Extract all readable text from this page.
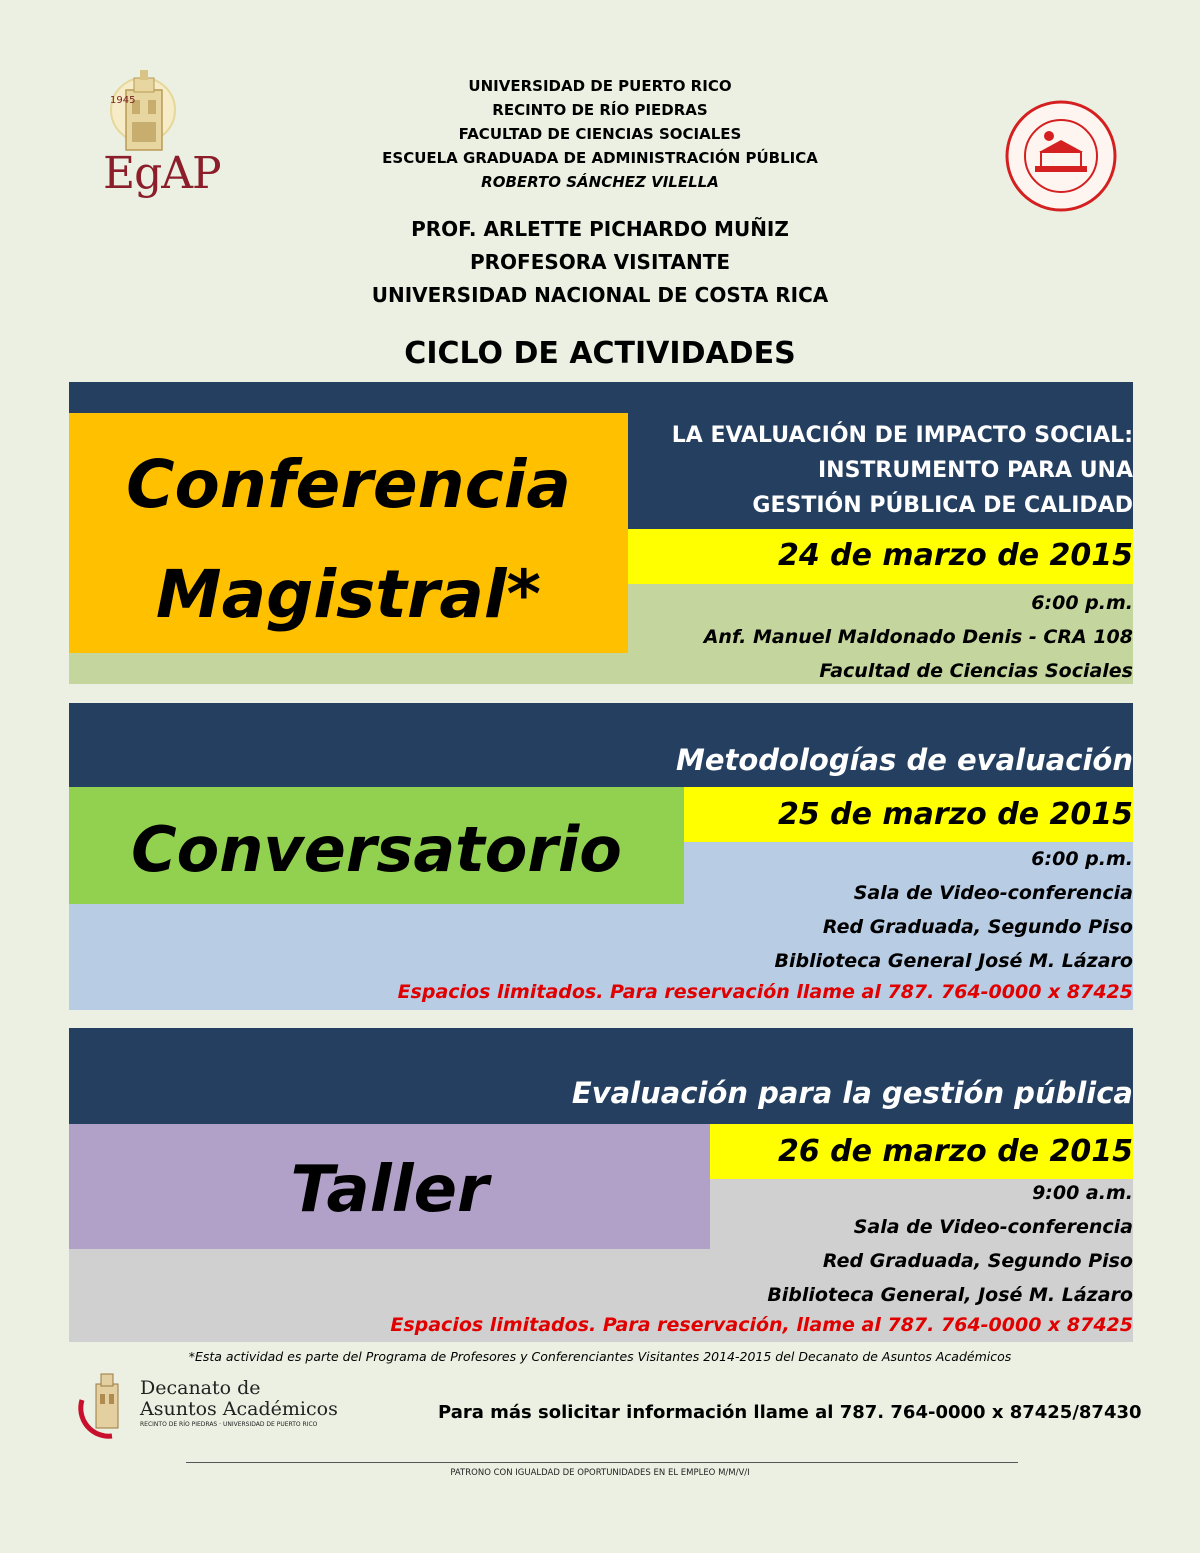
1945
EgAP
UNIVERSIDAD DE PUERTO RICO
RECINTO DE RÍO PIEDRAS
FACULTAD DE CIENCIAS SOCIALES
ESCUELA GRADUADA DE ADMINISTRACIÓN PÚBLICA
ROBERTO SÁNCHEZ VILELLA
PROF. ARLETTE PICHARDO MUÑIZ
PROFESORA VISITANTE
UNIVERSIDAD NACIONAL DE COSTA RICA
CICLO DE ACTIVIDADES
Conferencia
Magistral*
LA EVALUACIÓN DE IMPACTO SOCIAL:
INSTRUMENTO PARA UNA
GESTIÓN PÚBLICA DE CALIDAD
24 de marzo de 2015
6:00 p.m.
Anf. Manuel Maldonado Denis - CRA 108
Facultad de Ciencias Sociales
Conversatorio
Metodologías de evaluación
25 de marzo de 2015
6:00 p.m.
Sala de Video-conferencia
Red Graduada, Segundo Piso
Biblioteca General José M. Lázaro
Espacios limitados. Para reservación llame al 787. 764-0000 x 87425
Taller
Evaluación para la gestión pública
26 de marzo de 2015
9:00 a.m.
Sala de Video-conferencia
Red Graduada, Segundo Piso
Biblioteca General, José M. Lázaro
Espacios limitados. Para reservación, llame al 787. 764-0000 x 87425
*Esta actividad es parte del Programa de Profesores y Conferenciantes Visitantes 2014-2015 del Decanato de Asuntos Académicos
Decanato de
Asuntos Académicos
RECINTO DE RÍO PIEDRAS · UNIVERSIDAD DE PUERTO RICO
Para más solicitar información llame al 787. 764-0000 x 87425/87430
PATRONO CON IGUALDAD DE OPORTUNIDADES EN EL EMPLEO M/M/V/I
